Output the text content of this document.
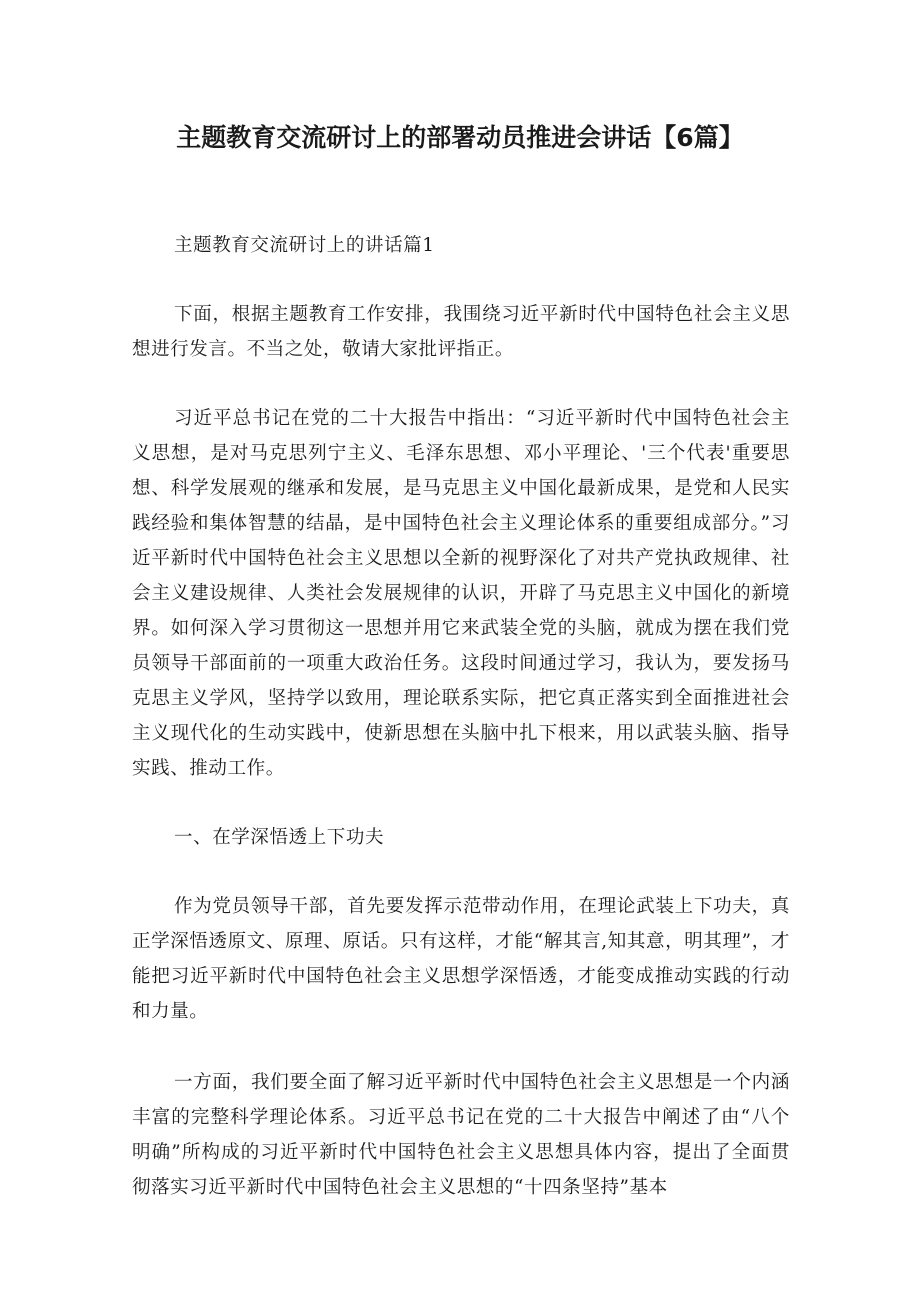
主题教育交流研讨上的部署动员推进会讲话【6篇】

主题教育交流研讨上的讲话篇1

下面，根据主题教育工作安排，我围绕习近平新时代中国特色社会主义思想进行发言。不当之处，敬请大家批评指正。

习近平总书记在党的二十大报告中指出：“习近平新时代中国特色社会主义思想，是对马克思列宁主义、毛泽东思想、邓小平理论、'三个代表'重要思想、科学发展观的继承和发展，是马克思主义中国化最新成果，是党和人民实践经验和集体智慧的结晶，是中国特色社会主义理论体系的重要组成部分。”习近平新时代中国特色社会主义思想以全新的视野深化了对共产党执政规律、社会主义建设规律、人类社会发展规律的认识，开辟了马克思主义中国化的新境界。如何深入学习贯彻这一思想并用它来武装全党的头脑，就成为摆在我们党员领导干部面前的一项重大政治任务。这段时间通过学习，我认为，要发扬马克思主义学风，坚持学以致用，理论联系实际，把它真正落实到全面推进社会主义现代化的生动实践中，使新思想在头脑中扎下根来，用以武装头脑、指导实践、推动工作。

一、在学深悟透上下功夫

作为党员领导干部，首先要发挥示范带动作用，在理论武装上下功夫，真正学深悟透原文、原理、原话。只有这样，才能“解其言,知其意，明其理”，才能把习近平新时代中国特色社会主义思想学深悟透，才能变成推动实践的行动和力量。

一方面，我们要全面了解习近平新时代中国特色社会主义思想是一个内涵丰富的完整科学理论体系。习近平总书记在党的二十大报告中阐述了由“八个明确”所构成的习近平新时代中国特色社会主义思想具体内容，提出了全面贯彻落实习近平新时代中国特色社会主义思想的“十四条坚持”基本
